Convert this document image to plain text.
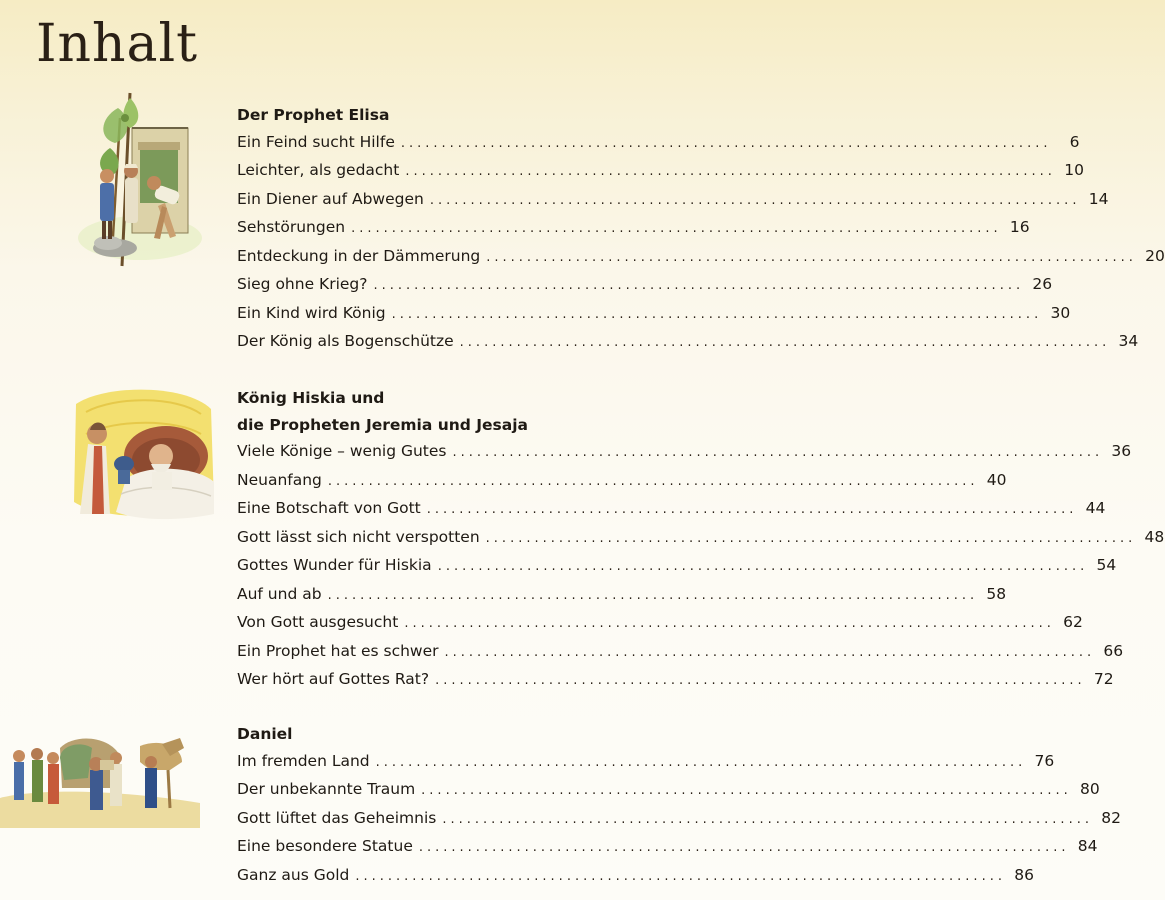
Inhalt
Der Prophet Elisa
Ein Feind sucht Hilfe ................................................................................	6
Leichter, als gedacht ................................................................................ 10
Ein Diener auf Abwegen ................................................................................ 14
Sehstörungen ................................................................................ 16
Entdeckung in der Dämmerung ................................................................................ 20
Sieg ohne Krieg? ................................................................................ 26
Ein Kind wird König ................................................................................ 30
Der König als Bogenschütze ................................................................................ 34
König Hiskia und
die Propheten Jeremia und Jesaja
Viele Könige – wenig Gutes ................................................................................ 36
Neuanfang ................................................................................ 40
Eine Botschaft von Gott ................................................................................ 44
Gott lässt sich nicht verspotten ................................................................................ 48
Gottes Wunder für Hiskia ................................................................................ 54
Auf und ab ................................................................................ 58
Von Gott ausgesucht ................................................................................ 62
Ein Prophet hat es schwer ................................................................................ 66
Wer hört auf Gottes Rat? ................................................................................ 72
Daniel
Im fremden Land ................................................................................ 76
Der unbekannte Traum ................................................................................ 80
Gott lüftet das Geheimnis ................................................................................ 82
Eine besondere Statue ................................................................................ 84
Ganz aus Gold ................................................................................ 86
